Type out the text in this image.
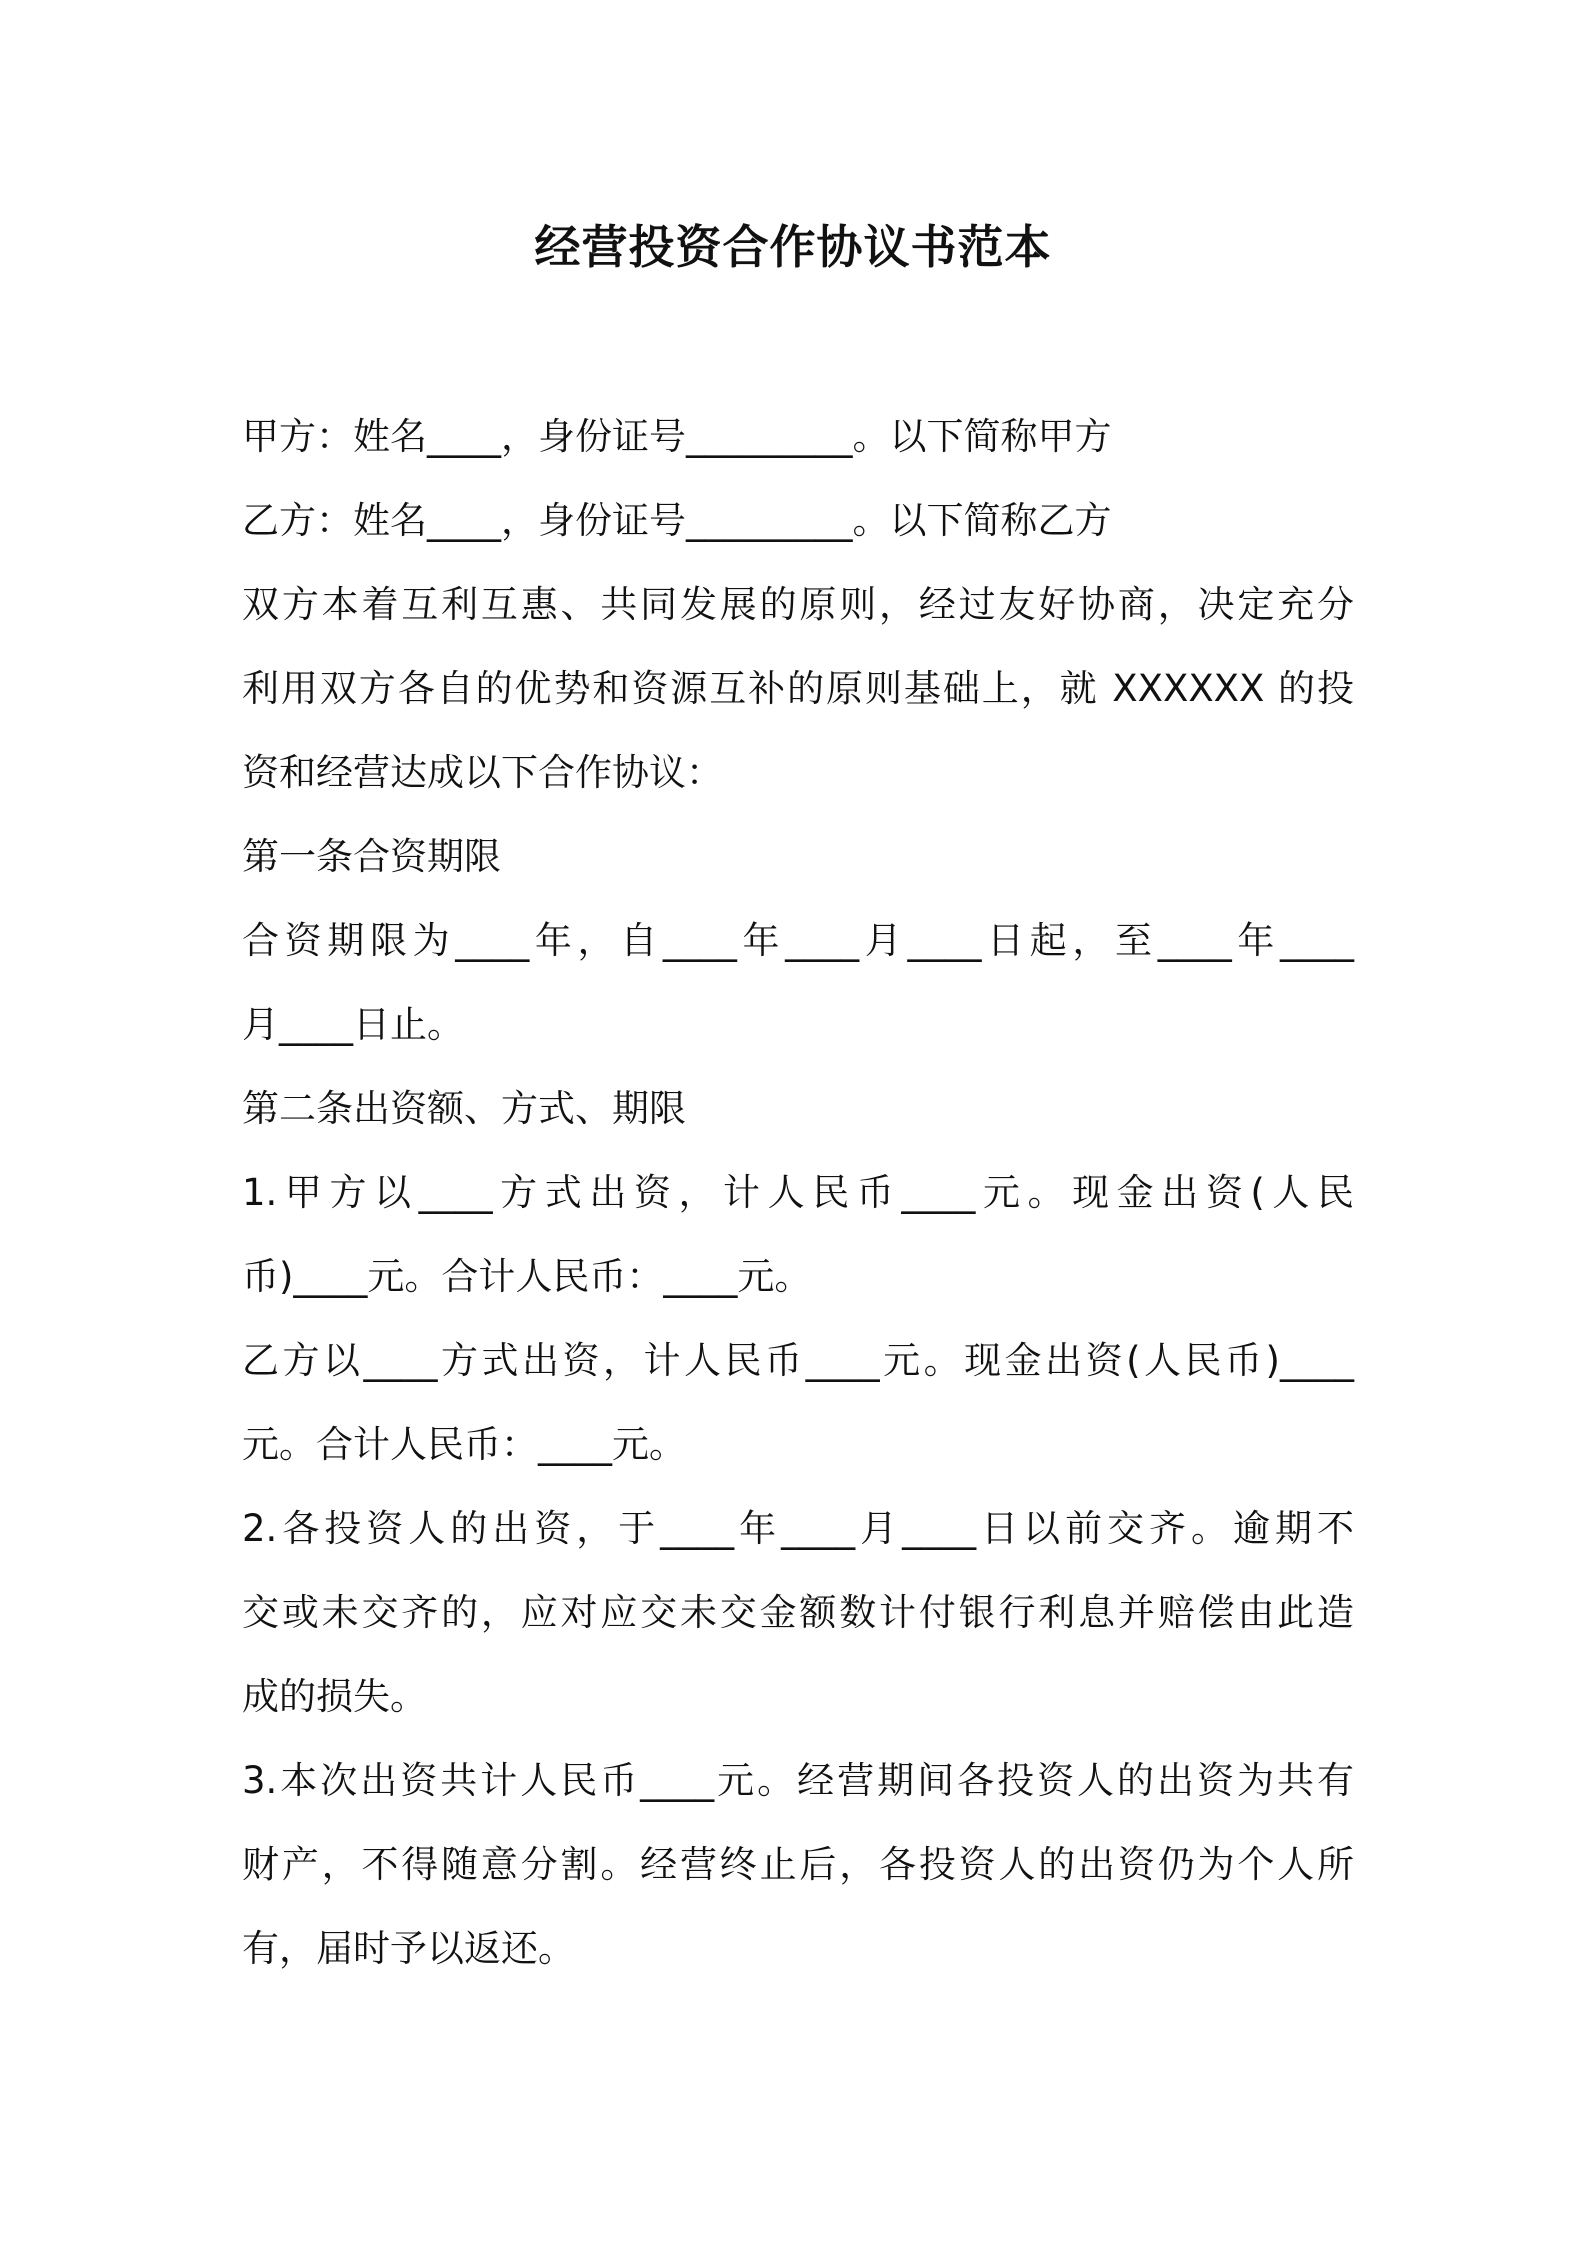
经营投资合作协议书范本
甲方：姓名____，身份证号_________。以下简称甲方
乙方：姓名____，身份证号_________。以下简称乙方
双方本着互利互惠、共同发展的原则，经过友好协商，决定充分
利用双方各自的优势和资源互补的原则基础上，就 XXXXXX 的投
资和经营达成以下合作协议：
第一条合资期限
合资期限为____年，自____年____月____日起，至____年____
月____日止。
第二条出资额、方式、期限
1.甲方以____方式出资，计人民币____元。现金出资(人民
币)____元。合计人民币：____元。
乙方以____方式出资，计人民币____元。现金出资(人民币)____
元。合计人民币：____元。
2.各投资人的出资，于____年____月____日以前交齐。逾期不
交或未交齐的，应对应交未交金额数计付银行利息并赔偿由此造
成的损失。
3.本次出资共计人民币____元。经营期间各投资人的出资为共有
财产，不得随意分割。经营终止后，各投资人的出资仍为个人所
有，届时予以返还。
